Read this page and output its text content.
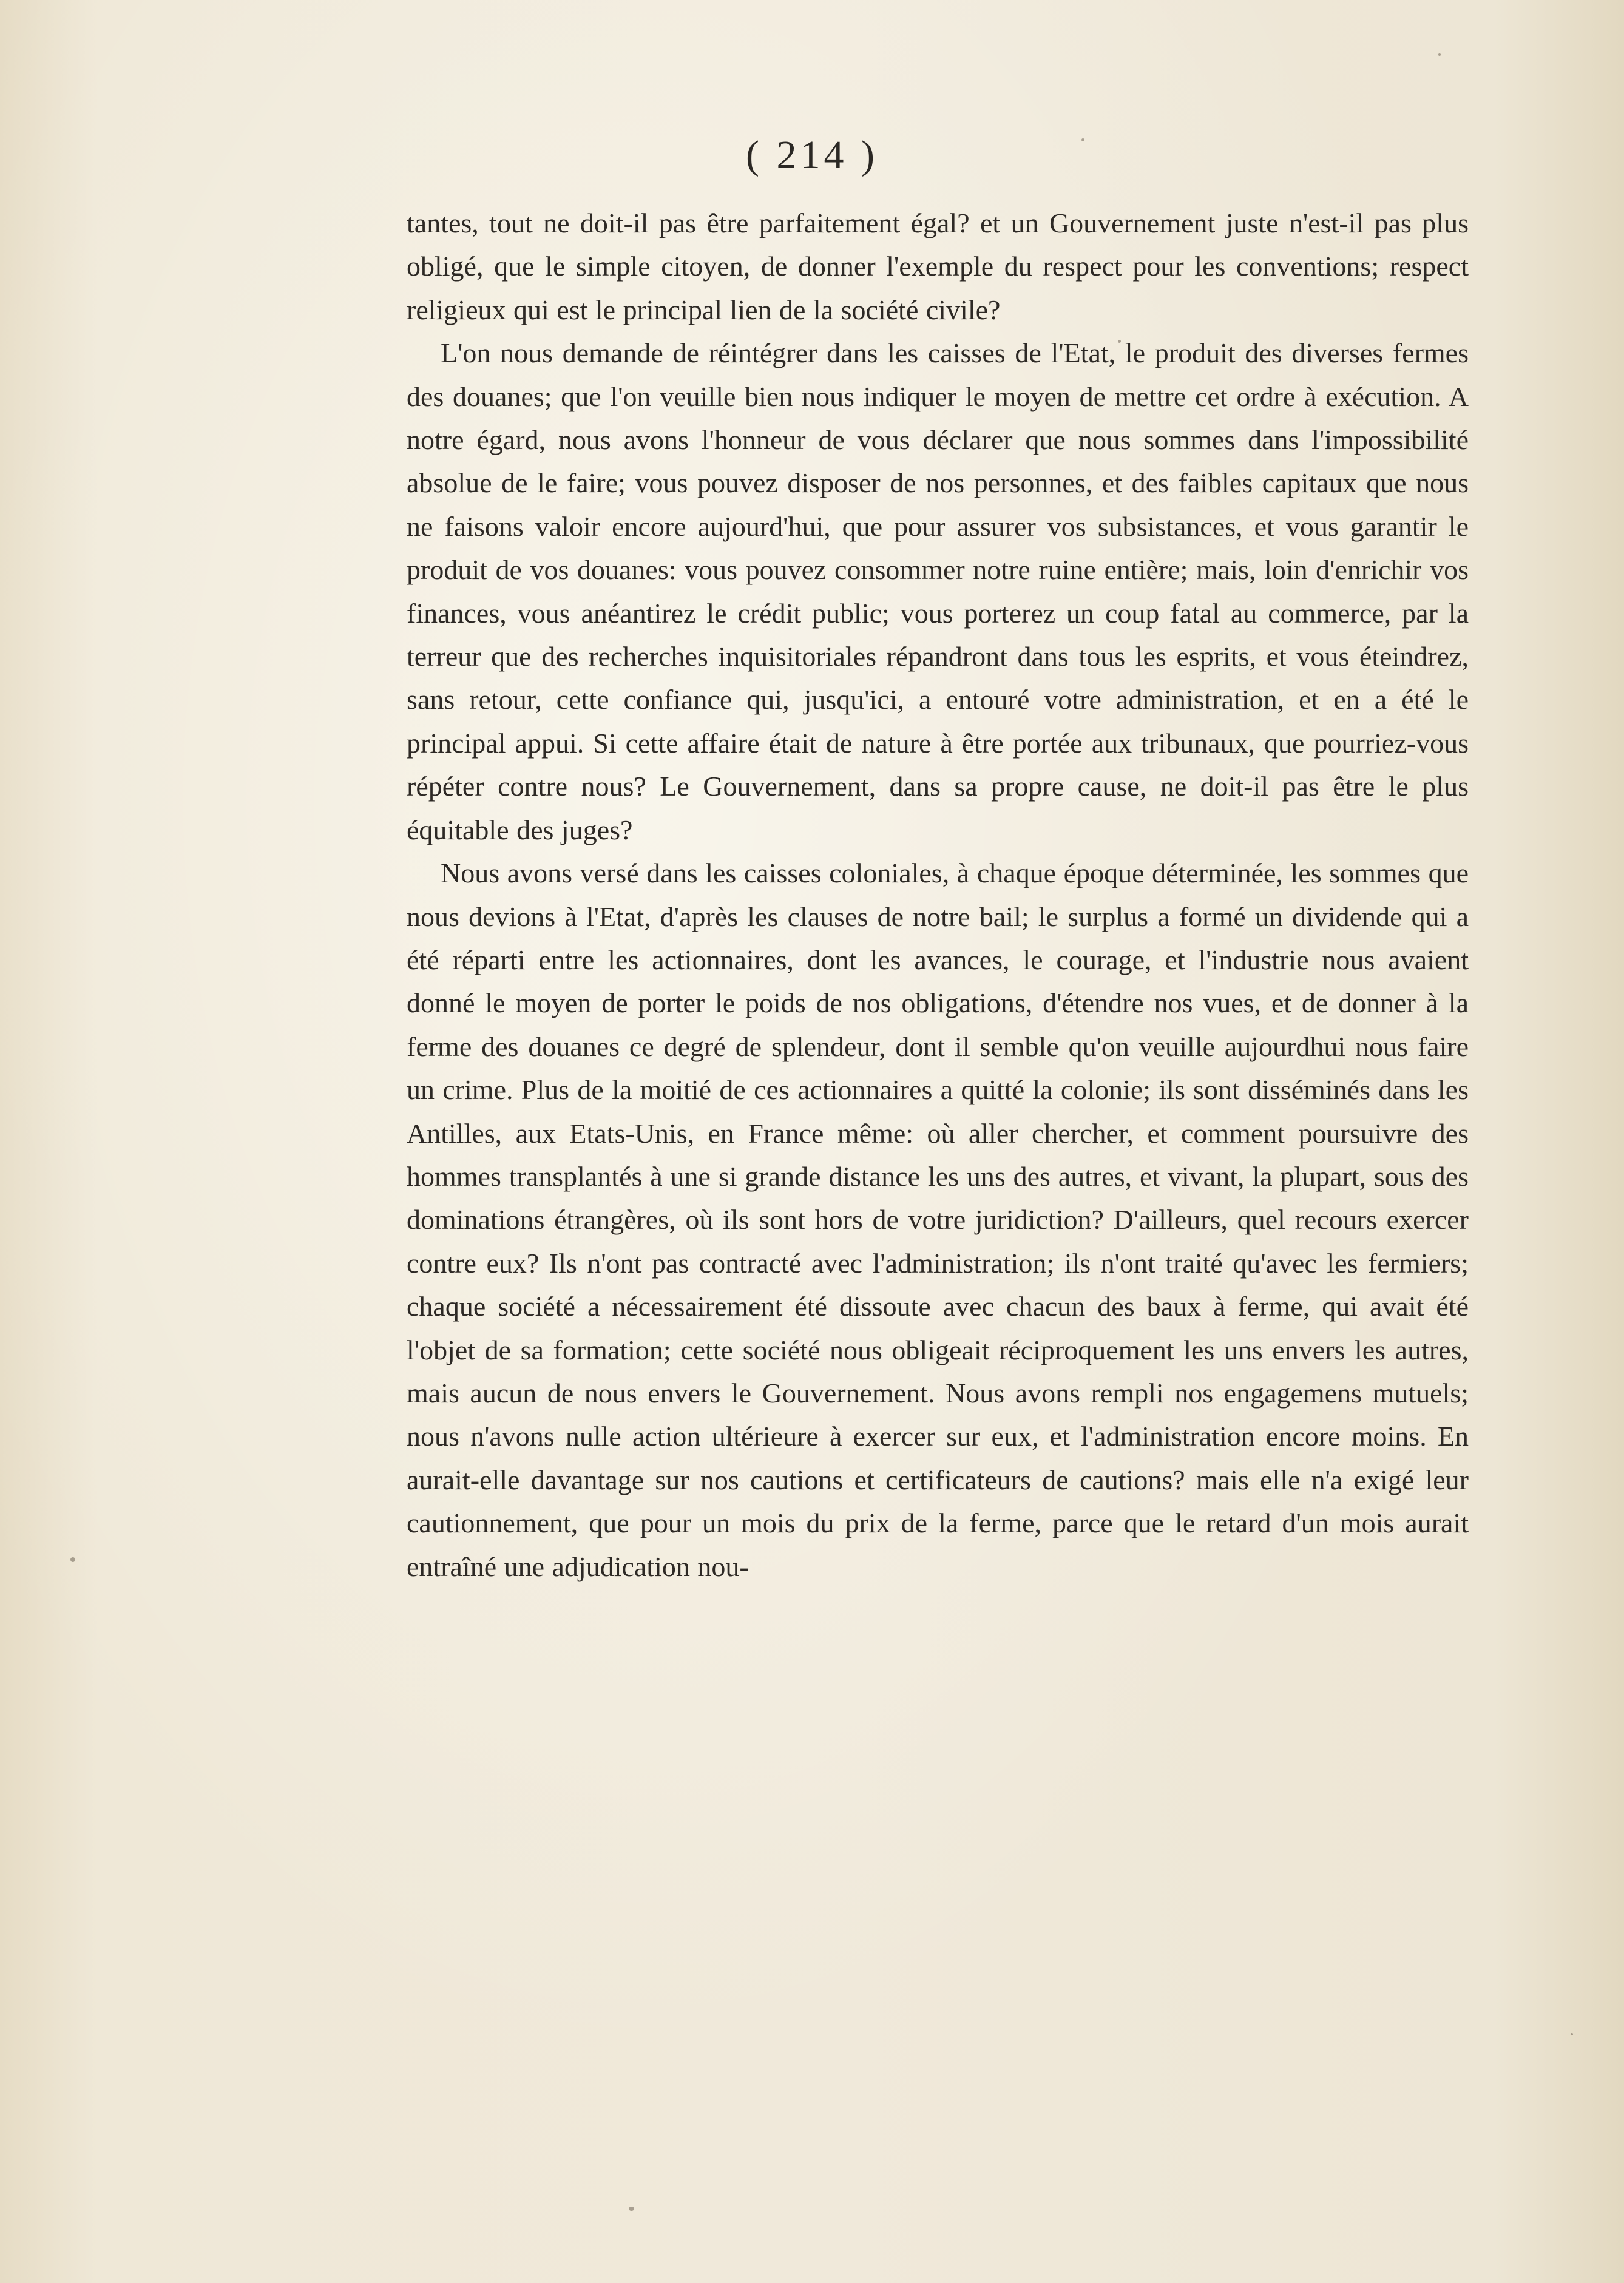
( 214 )

tantes, tout ne doit-il pas être parfaitement égal? et un Gouvernement juste n'est-il pas plus obligé, que le simple citoyen, de donner l'exemple du respect pour les conventions; respect religieux qui est le principal lien de la société civile?

L'on nous demande de réintégrer dans les caisses de l'Etat, le produit des diverses fermes des douanes; que l'on veuille bien nous indiquer le moyen de mettre cet ordre à exécution. A notre égard, nous avons l'honneur de vous déclarer que nous sommes dans l'impossibilité absolue de le faire; vous pouvez disposer de nos personnes, et des faibles capitaux que nous ne faisons valoir encore aujourd'hui, que pour assurer vos subsistances, et vous garantir le produit de vos douanes: vous pouvez consommer notre ruine entière; mais, loin d'enrichir vos finances, vous anéantirez le crédit public; vous porterez un coup fatal au commerce, par la terreur que des recherches inquisitoriales répandront dans tous les esprits, et vous éteindrez, sans retour, cette confiance qui, jusqu'ici, a entouré votre administration, et en a été le principal appui. Si cette affaire était de nature à être portée aux tribunaux, que pourriez-vous répéter contre nous? Le Gouvernement, dans sa propre cause, ne doit-il pas être le plus équitable des juges?

Nous avons versé dans les caisses coloniales, à chaque époque déterminée, les sommes que nous devions à l'Etat, d'après les clauses de notre bail; le surplus a formé un dividende qui a été réparti entre les actionnaires, dont les avances, le courage, et l'industrie nous avaient donné le moyen de porter le poids de nos obligations, d'étendre nos vues, et de donner à la ferme des douanes ce degré de splendeur, dont il semble qu'on veuille aujourdhui nous faire un crime. Plus de la moitié de ces actionnaires a quitté la colonie; ils sont disséminés dans les Antilles, aux Etats-Unis, en France même: où aller chercher, et comment poursuivre des hommes transplantés à une si grande distance les uns des autres, et vivant, la plupart, sous des dominations étrangères, où ils sont hors de votre juridiction? D'ailleurs, quel recours exercer contre eux? Ils n'ont pas contracté avec l'administration; ils n'ont traité qu'avec les fermiers; chaque société a nécessairement été dissoute avec chacun des baux à ferme, qui avait été l'objet de sa formation; cette société nous obligeait réciproquement les uns envers les autres, mais aucun de nous envers le Gouvernement. Nous avons rempli nos engagemens mutuels; nous n'avons nulle action ultérieure à exercer sur eux, et l'administration encore moins. En aurait-elle davantage sur nos cautions et certificateurs de cautions? mais elle n'a exigé leur cautionnement, que pour un mois du prix de la ferme, parce que le retard d'un mois aurait entraîné une adjudication nou-
